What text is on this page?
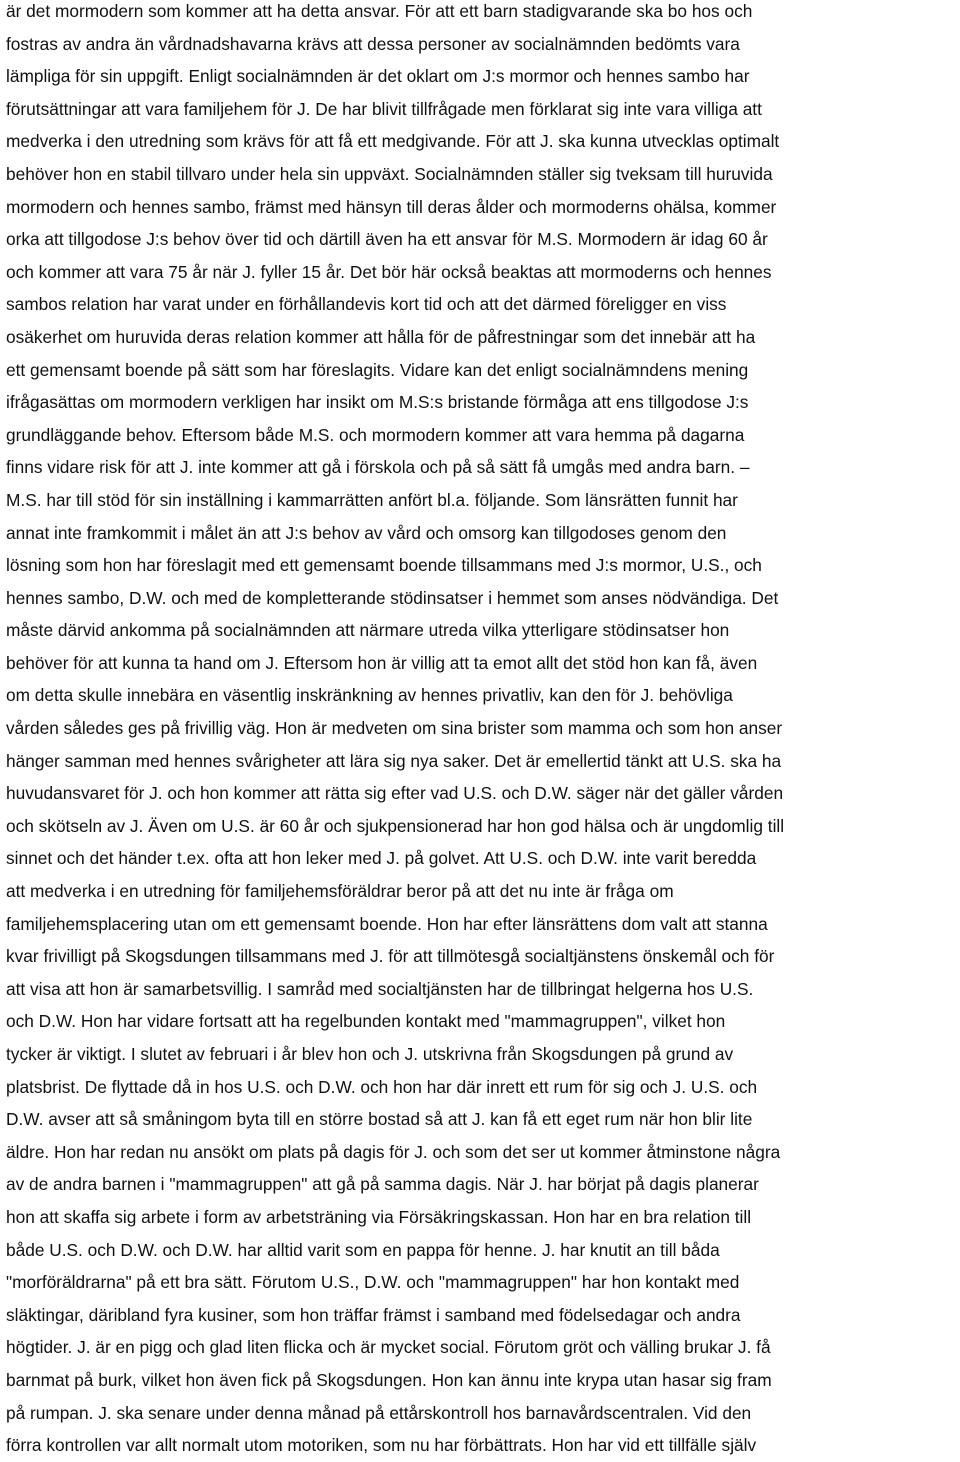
är det mormodern som kommer att ha detta ansvar. För att ett barn stadigvarande ska bo hos och
fostras av andra än vårdnadshavarna krävs att dessa personer av socialnämnden bedömts vara
lämpliga för sin uppgift. Enligt socialnämnden är det oklart om J:s mormor och hennes sambo har
förutsättningar att vara familjehem för J. De har blivit tillfrågade men förklarat sig inte vara villiga att
medverka i den utredning som krävs för att få ett medgivande. För att J. ska kunna utvecklas optimalt
behöver hon en stabil tillvaro under hela sin uppväxt. Socialnämnden ställer sig tveksam till huruvida
mormodern och hennes sambo, främst med hänsyn till deras ålder och mormoderns ohälsa, kommer
orka att tillgodose J:s behov över tid och därtill även ha ett ansvar för M.S. Mormodern är idag 60 år
och kommer att vara 75 år när J. fyller 15 år. Det bör här också beaktas att mormoderns och hennes
sambos relation har varat under en förhållandevis kort tid och att det därmed föreligger en viss
osäkerhet om huruvida deras relation kommer att hålla för de påfrestningar som det innebär att ha
ett gemensamt boende på sätt som har föreslagits. Vidare kan det enligt socialnämndens mening
ifrågasättas om mormodern verkligen har insikt om M.S:s bristande förmåga att ens tillgodose J:s
grundläggande behov. Eftersom både M.S. och mormodern kommer att vara hemma på dagarna
finns vidare risk för att J. inte kommer att gå i förskola och på så sätt få umgås med andra barn. –
M.S. har till stöd för sin inställning i kammarrätten anfört bl.a. följande. Som länsrätten funnit har
annat inte framkommit i målet än att J:s behov av vård och omsorg kan tillgodoses genom den
lösning som hon har föreslagit med ett gemensamt boende tillsammans med J:s mormor, U.S., och
hennes sambo, D.W. och med de kompletterande stödinsatser i hemmet som anses nödvändiga. Det
måste därvid ankomma på socialnämnden att närmare utreda vilka ytterligare stödinsatser hon
behöver för att kunna ta hand om J. Eftersom hon är villig att ta emot allt det stöd hon kan få, även
om detta skulle innebära en väsentlig inskränkning av hennes privatliv, kan den för J. behövliga
vården således ges på frivillig väg. Hon är medveten om sina brister som mamma och som hon anser
hänger samman med hennes svårigheter att lära sig nya saker. Det är emellertid tänkt att U.S. ska ha
huvudansvaret för J. och hon kommer att rätta sig efter vad U.S. och D.W. säger när det gäller vården
och skötseln av J. Även om U.S. är 60 år och sjukpensionerad har hon god hälsa och är ungdomlig till
sinnet och det händer t.ex. ofta att hon leker med J. på golvet. Att U.S. och D.W. inte varit beredda
att medverka i en utredning för familjehemsföräldrar beror på att det nu inte är fråga om
familjehemsplacering utan om ett gemensamt boende. Hon har efter länsrättens dom valt att stanna
kvar frivilligt på Skogsdungen tillsammans med J. för att tillmötesgå socialtjänstens önskemål och för
att visa att hon är samarbetsvillig. I samråd med socialtjänsten har de tillbringat helgerna hos U.S.
och D.W. Hon har vidare fortsatt att ha regelbunden kontakt med "mammagruppen", vilket hon
tycker är viktigt. I slutet av februari i år blev hon och J. utskrivna från Skogsdungen på grund av
platsbrist. De flyttade då in hos U.S. och D.W. och hon har där inrett ett rum för sig och J. U.S. och
D.W. avser att så småningom byta till en större bostad så att J. kan få ett eget rum när hon blir lite
äldre. Hon har redan nu ansökt om plats på dagis för J. och som det ser ut kommer åtminstone några
av de andra barnen i "mammagruppen" att gå på samma dagis. När J. har börjat på dagis planerar
hon att skaffa sig arbete i form av arbetsträning via Försäkringskassan. Hon har en bra relation till
både U.S. och D.W. och D.W. har alltid varit som en pappa för henne. J. har knutit an till båda
"morföräldrarna" på ett bra sätt. Förutom U.S., D.W. och "mammagruppen" har hon kontakt med
släktingar, däribland fyra kusiner, som hon träffar främst i samband med födelsedagar och andra
högtider. J. är en pigg och glad liten flicka och är mycket social. Förutom gröt och välling brukar J. få
barnmat på burk, vilket hon även fick på Skogsdungen. Hon kan ännu inte krypa utan hasar sig fram
på rumpan. J. ska senare under denna månad på ettårskontroll hos barnavårdscentralen. Vid den
förra kontrollen var allt normalt utom motoriken, som nu har förbättrats. Hon har vid ett tillfälle själv
